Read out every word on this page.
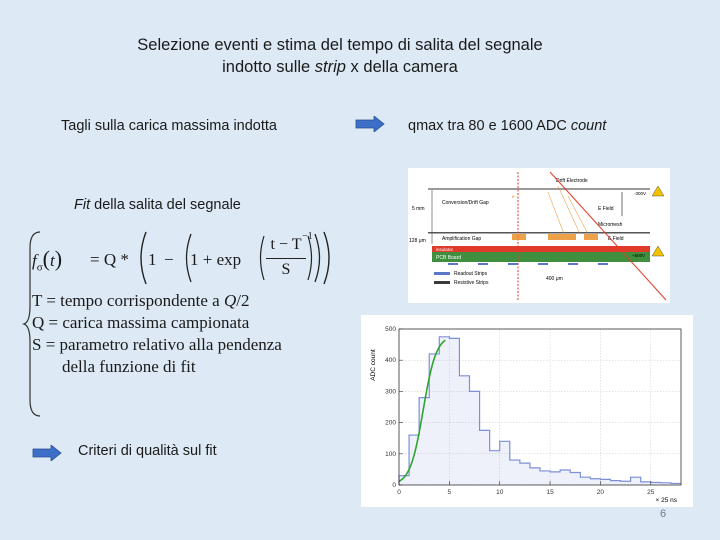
Selezione eventi e stima del tempo di salita del segnale
indotto sulle strip x della camera
Tagli sulla carica massima indotta	qmax tra 80 e 1600 ADC count
Fit della salita del segnale
$f_\sigma(t) = Q * 1 - 1 + \exp$
t − T
S
−1
T = tempo corrispondente a Q/2
Q = carica massima campionata
S = parametro relativo alla pendenza
della funzione di fit
Criteri di qualità sul fit
5 mm
128 μm
Drift Electrode
Conversion/Drift Gap
E Field
Micromesh
Amplification Gap	E Field
insulator
PCB Board
Readout Strips
Resistive Strips
400 μm
e-
-300V
+500V
0	5	10	15	20	25
0
100
200
300
400
500
ADC count
× 25 ns
6
